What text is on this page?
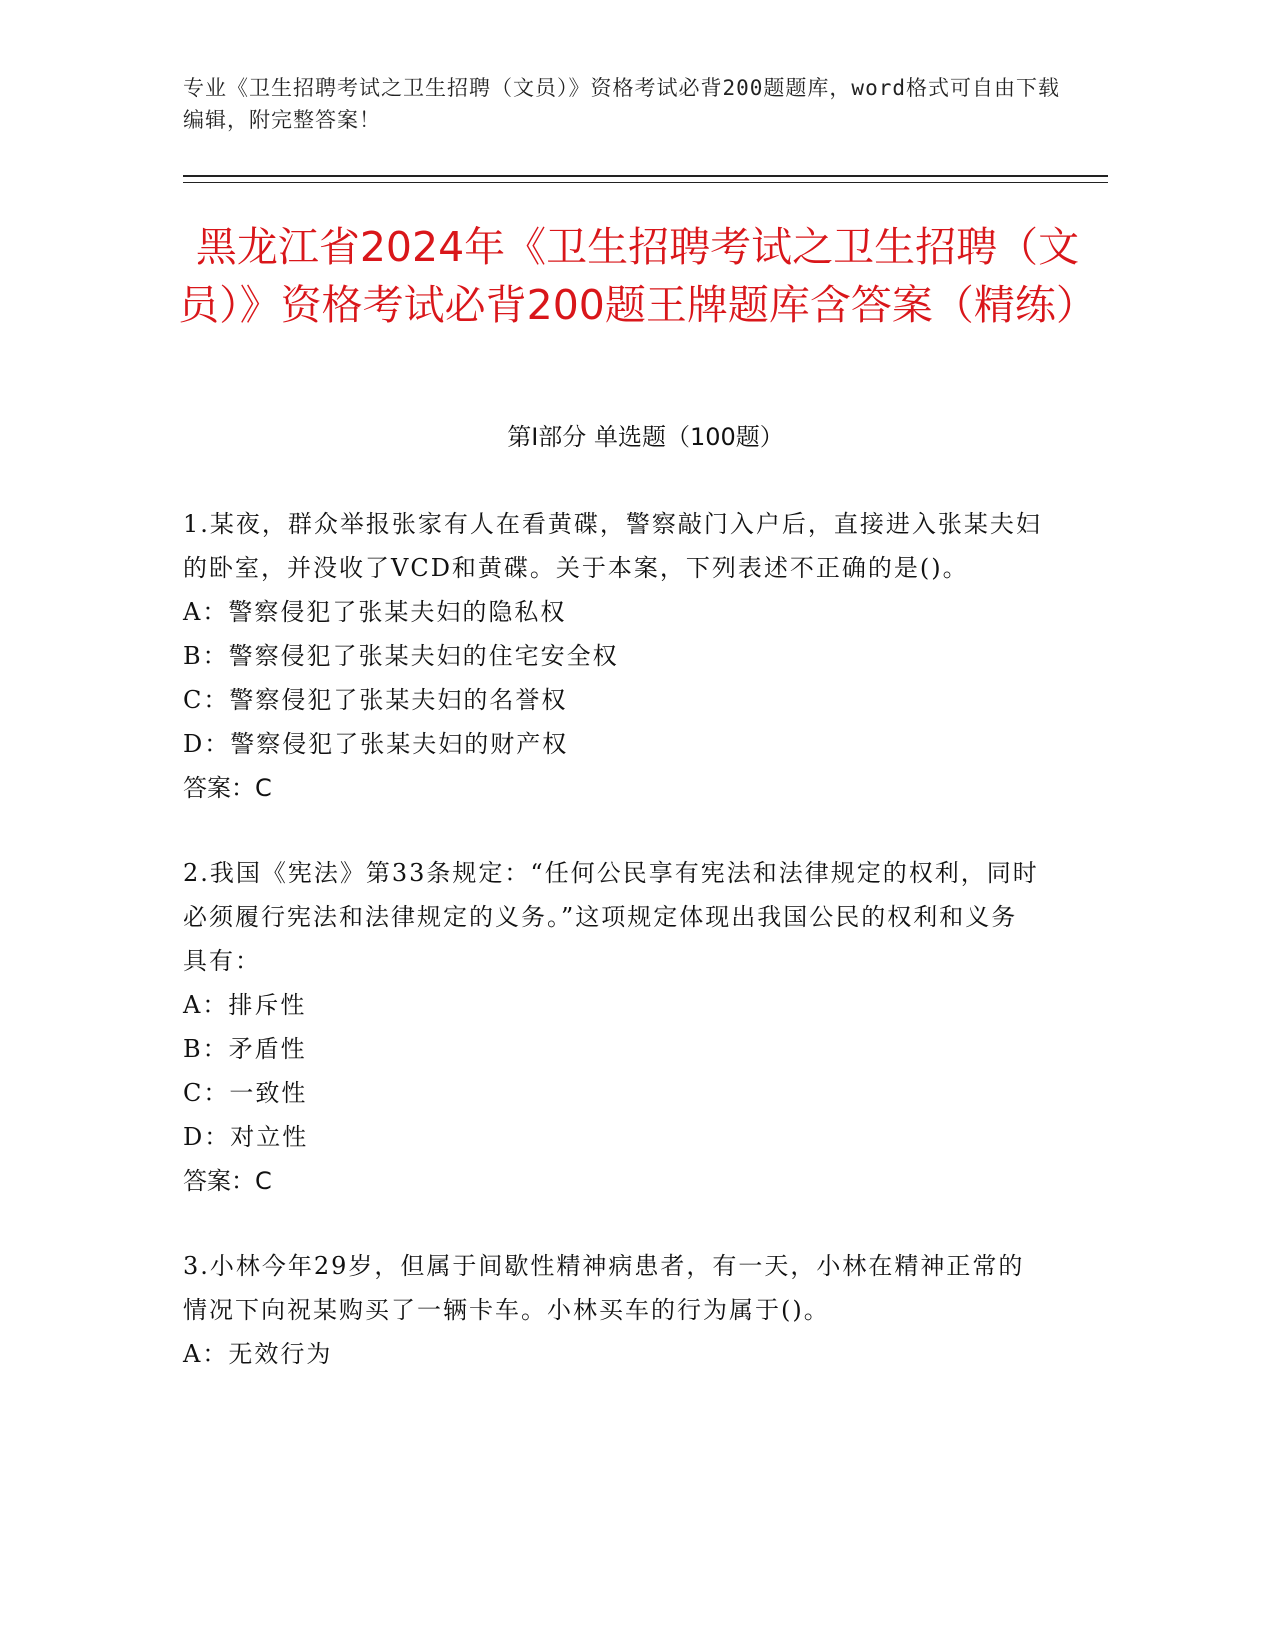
专业《卫生招聘考试之卫生招聘（文员）》资格考试必背200题题库，word格式可自由下载编辑，附完整答案！
黑龙江省2024年《卫生招聘考试之卫生招聘（文员）》资格考试必背200题王牌题库含答案（精练）
第Ⅰ部分 单选题（100题）

1.某夜，群众举报张家有人在看黄碟，警察敲门入户后，直接进入张某夫妇的卧室，并没收了VCD和黄碟。关于本案，下列表述不正确的是()。

A：警察侵犯了张某夫妇的隐私权

B：警察侵犯了张某夫妇的住宅安全权

C：警察侵犯了张某夫妇的名誉权

D：警察侵犯了张某夫妇的财产权

答案：C

2.我国《宪法》第33条规定：“任何公民享有宪法和法律规定的权利，同时必须履行宪法和法律规定的义务。”这项规定体现出我国公民的权利和义务具有：

A：排斥性

B：矛盾性

C：一致性

D：对立性

答案：C

3.小林今年29岁，但属于间歇性精神病患者，有一天，小林在精神正常的情况下向祝某购买了一辆卡车。小林买车的行为属于()。

A：无效行为
